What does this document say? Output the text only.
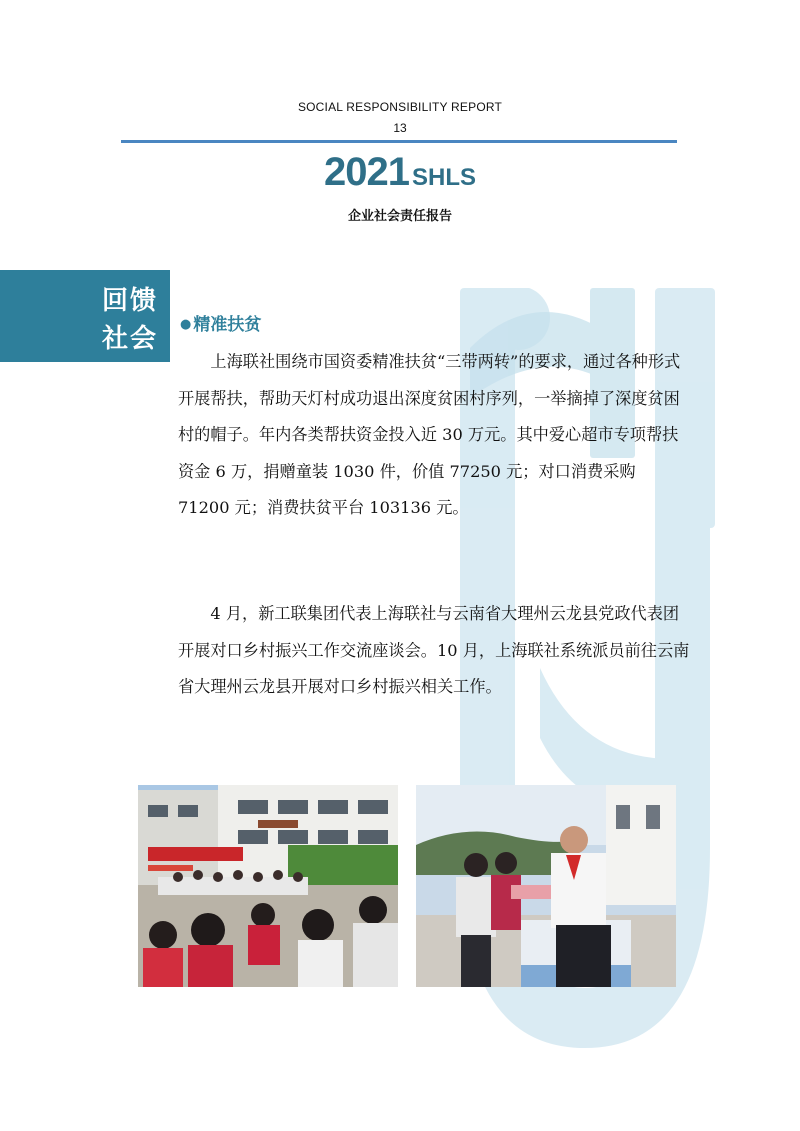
SOCIAL RESPONSIBILITY REPORT
13
2021 SHLS
企业社会责任报告
回馈
社会 ● 精准扶贫

上海联社围绕市国资委精准扶贫“三带两转”的要求，通过各种形式开展帮扶，帮助天灯村成功退出深度贫困村序列，一举摘掉了深度贫困村的帽子。年内各类帮扶资金投入近 30 万元。其中爱心超市专项帮扶资金 6 万，捐赠童装 1030 件，价值 77250 元；对口消费采购 71200 元；消费扶贫平台 103136 元。

4 月，新工联集团代表上海联社与云南省大理州云龙县党政代表团开展对口乡村振兴工作交流座谈会。10 月，上海联社系统派员前往云南省大理州云龙县开展对口乡村振兴相关工作。
